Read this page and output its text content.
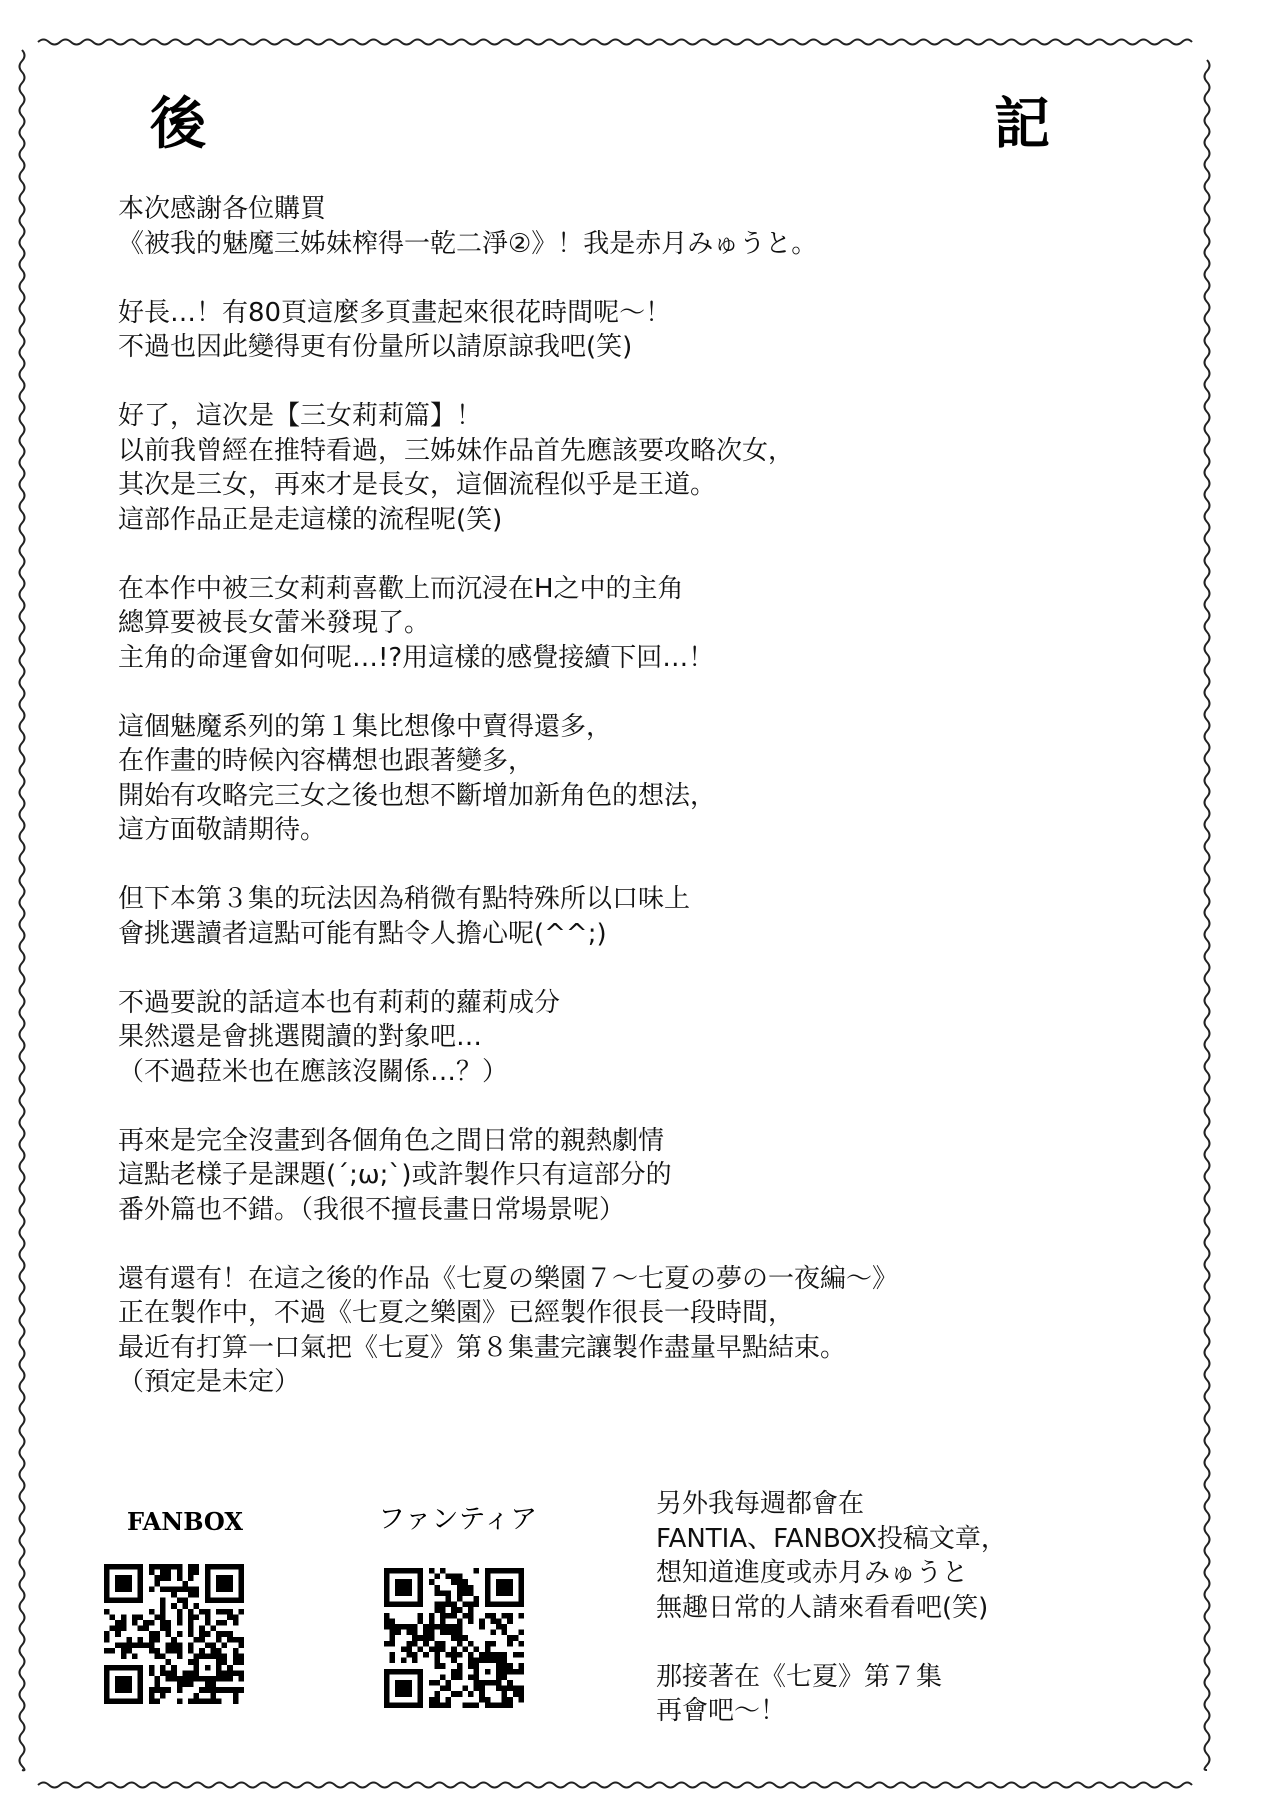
後	記
本次感謝各位購買
《被我的魅魔三姊妹榨得一乾二淨②》！我是赤月みゅうと。
好長…！有80頁這麼多頁畫起來很花時間呢～！
不過也因此變得更有份量所以請原諒我吧(笑)
好了，這次是【三女莉莉篇】！
以前我曾經在推特看過，三姊妹作品首先應該要攻略次女，
其次是三女，再來才是長女，這個流程似乎是王道。
這部作品正是走這樣的流程呢(笑)
在本作中被三女莉莉喜歡上而沉浸在H之中的主角
總算要被長女蕾米發現了。
主角的命運會如何呢…!?用這樣的感覺接續下回…！
這個魅魔系列的第１集比想像中賣得還多，
在作畫的時候內容構想也跟著變多，
開始有攻略完三女之後也想不斷增加新角色的想法，
這方面敬請期待。
但下本第３集的玩法因為稍微有點特殊所以口味上
會挑選讀者這點可能有點令人擔心呢(^^;)
不過要說的話這本也有莉莉的蘿莉成分
果然還是會挑選閱讀的對象吧…
（不過菈米也在應該沒關係…？）
再來是完全沒畫到各個角色之間日常的親熱劇情
這點老樣子是課題(´;ω;`)或許製作只有這部分的
番外篇也不錯。（我很不擅長畫日常場景呢）
還有還有！在這之後的作品《七夏の樂園７～七夏の夢の一夜編～》
正在製作中，不過《七夏之樂園》已經製作很長一段時間，
最近有打算一口氣把《七夏》第８集畫完讓製作盡量早點結束。
（預定是未定）
FANBOX	ファンティア	另外我每週都會在
FANTIA、FANBOX投稿文章，
想知道進度或赤月みゅうと
無趣日常的人請來看看吧(笑)
那接著在《七夏》第７集
再會吧～！
